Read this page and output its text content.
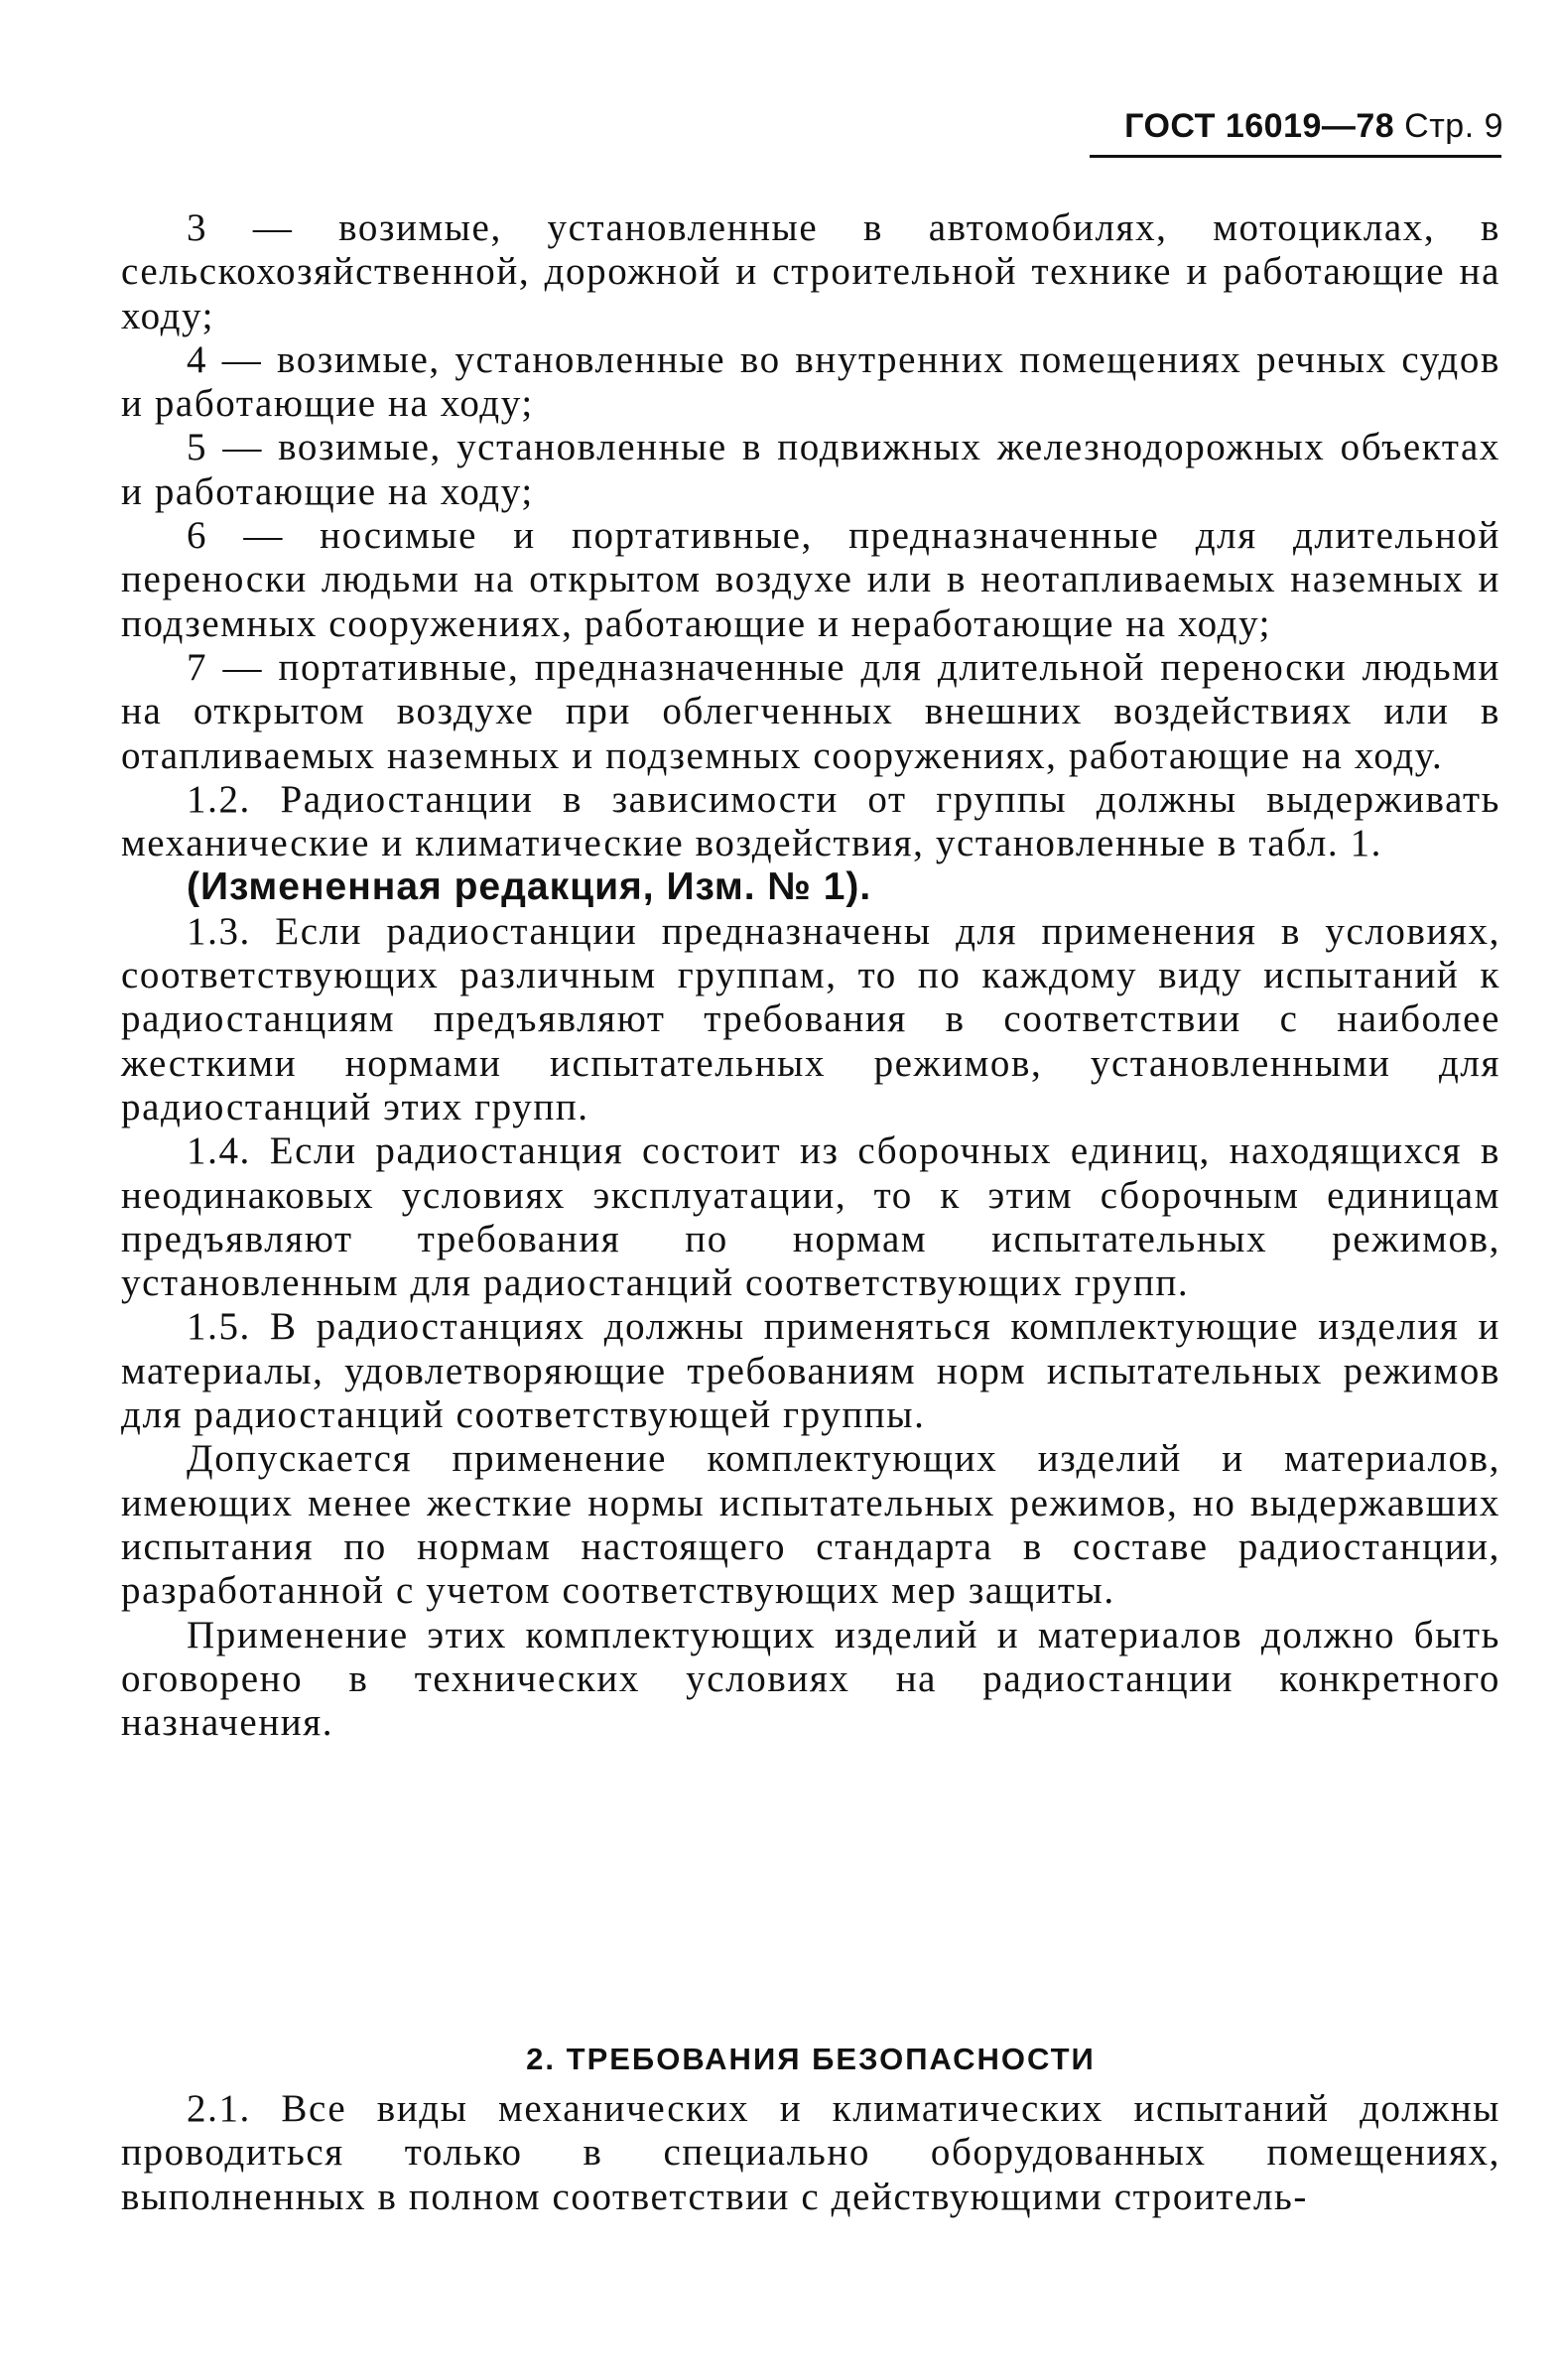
ГОСТ 16019—78 Стр. 9

3 — возимые, установленные в автомобилях, мотоциклах, в сельскохозяйственной, дорожной и строительной технике и работающие на ходу;

4 — возимые, установленные во внутренних помещениях речных судов и работающие на ходу;

5 — возимые, установленные в подвижных железнодорожных объектах и работающие на ходу;

6 — носимые и портативные, предназначенные для длительной переноски людьми на открытом воздухе или в неотапливаемых наземных и подземных сооружениях, работающие и неработающие на ходу;

7 — портативные, предназначенные для длительной переноски людьми на открытом воздухе при облегченных внешних воздействиях или в отапливаемых наземных и подземных сооружениях, работающие на ходу.

1.2. Радиостанции в зависимости от группы должны выдерживать механические и климатические воздействия, установленные в табл. 1.

(Измененная редакция, Изм. № 1).

1.3. Если радиостанции предназначены для применения в условиях, соответствующих различным группам, то по каждому виду испытаний к радиостанциям предъявляют требования в соответствии с наиболее жесткими нормами испытательных режимов, установленными для радиостанций этих групп.

1.4. Если радиостанция состоит из сборочных единиц, находящихся в неодинаковых условиях эксплуатации, то к этим сборочным единицам предъявляют требования по нормам испытательных режимов, установленным для радиостанций соответствующих групп.

1.5. В радиостанциях должны применяться комплектующие изделия и материалы, удовлетворяющие требованиям норм испытательных режимов для радиостанций соответствующей группы.

Допускается применение комплектующих изделий и материалов, имеющих менее жесткие нормы испытательных режимов, но выдержавших испытания по нормам настоящего стандарта в составе радиостанции, разработанной с учетом соответствующих мер защиты.

Применение этих комплектующих изделий и материалов должно быть оговорено в технических условиях на радиостанции конкретного назначения.

2. ТРЕБОВАНИЯ БЕЗОПАСНОСТИ

2.1. Все виды механических и климатических испытаний должны проводиться только в специально оборудованных помещениях, выполненных в полном соответствии с действующими строитель-
